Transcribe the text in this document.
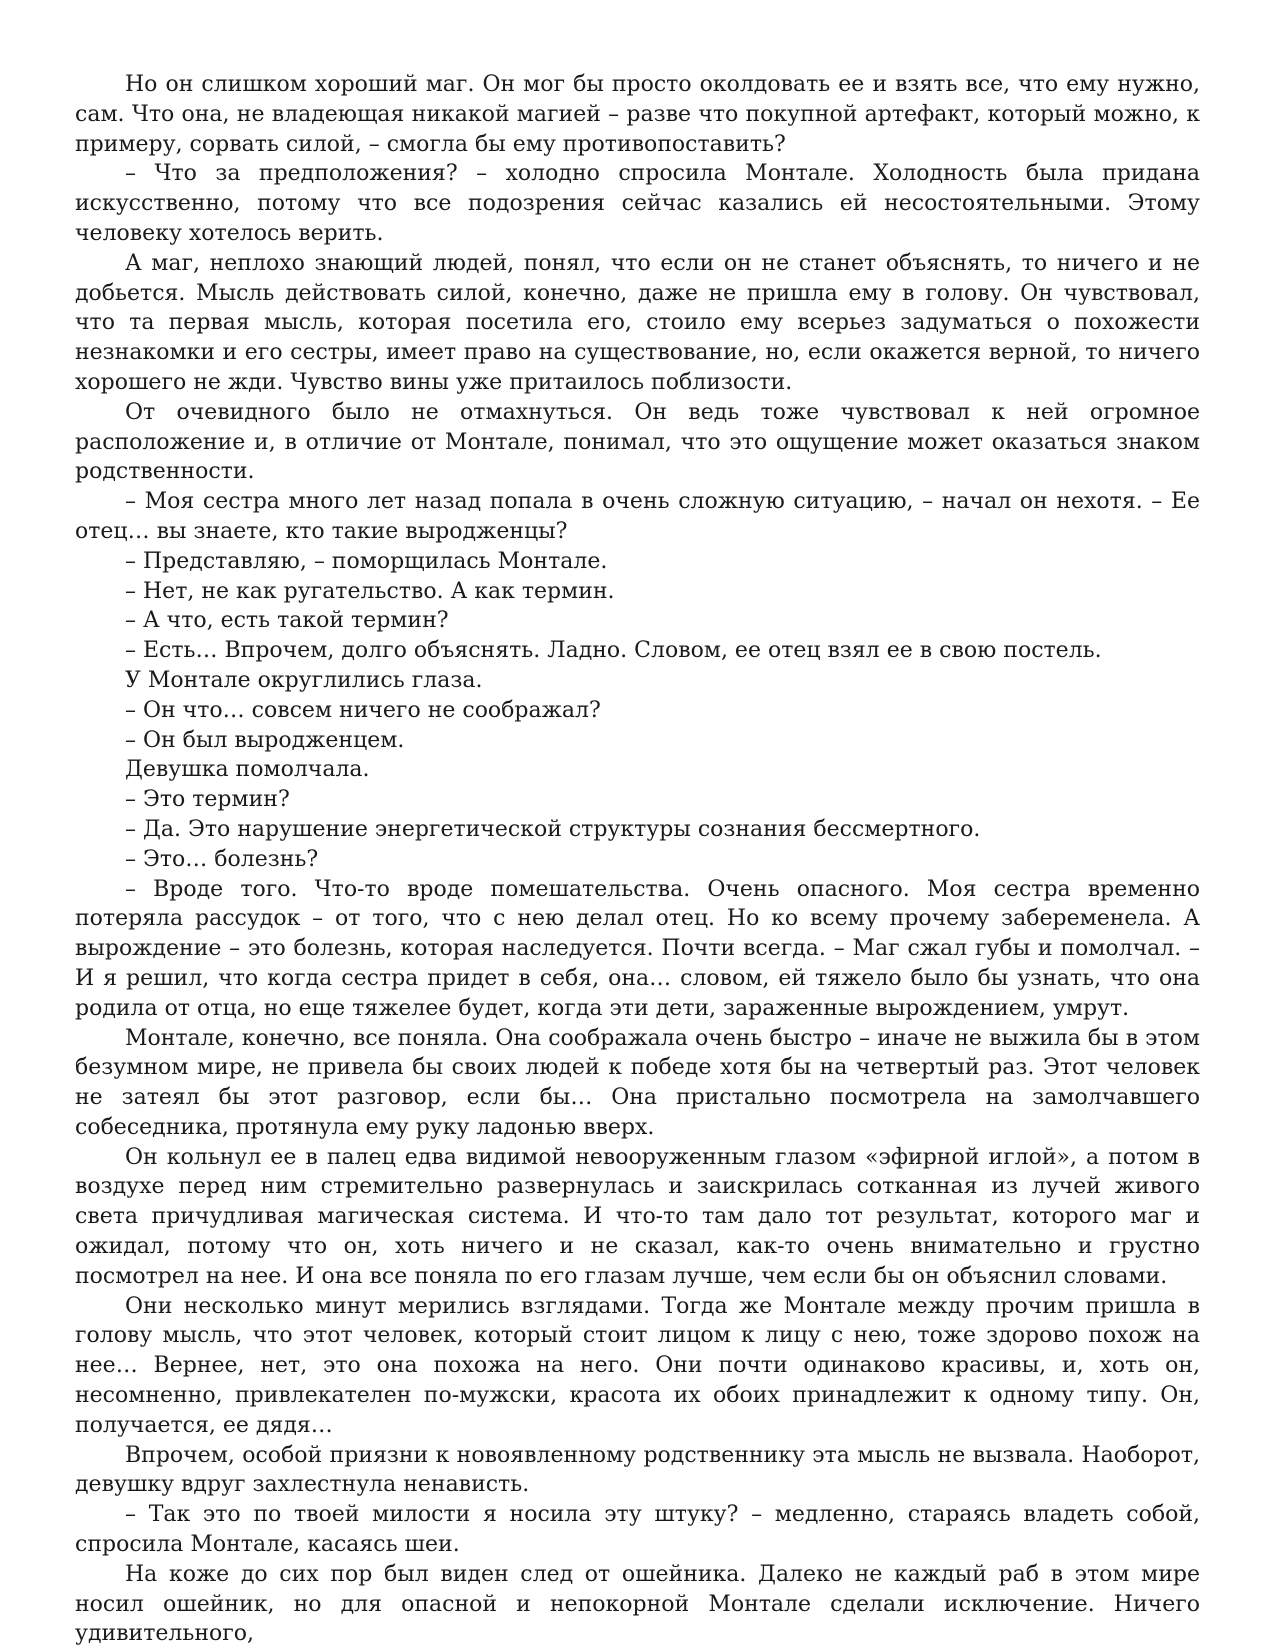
Но он слишком хороший маг. Он мог бы просто околдовать ее и взять все, что ему нужно, сам. Что она, не владеющая никакой магией – разве что покупной артефакт, который можно, к примеру, сорвать силой, – смогла бы ему противопоставить?

– Что за предположения? – холодно спросила Монтале. Холодность была придана искусственно, потому что все подозрения сейчас казались ей несостоятельными. Этому человеку хотелось верить.

А маг, неплохо знающий людей, понял, что если он не станет объяснять, то ничего и не добьется. Мысль действовать силой, конечно, даже не пришла ему в голову. Он чувствовал, что та первая мысль, которая посетила его, стоило ему всерьез задуматься о похожести незнакомки и его сестры, имеет право на существование, но, если окажется верной, то ничего хорошего не жди. Чувство вины уже притаилось поблизости.

От очевидного было не отмахнуться. Он ведь тоже чувствовал к ней огромное расположение и, в отличие от Монтале, понимал, что это ощущение может оказаться знаком родственности.

– Моя сестра много лет назад попала в очень сложную ситуацию, – начал он нехотя. – Ее отец… вы знаете, кто такие выродженцы?

– Представляю, – поморщилась Монтале.

– Нет, не как ругательство. А как термин.

– А что, есть такой термин?

– Есть… Впрочем, долго объяснять. Ладно. Словом, ее отец взял ее в свою постель.

У Монтале округлились глаза.

– Он что… совсем ничего не соображал?

– Он был выродженцем.

Девушка помолчала.

– Это термин?

– Да. Это нарушение энергетической структуры сознания бессмертного.

– Это… болезнь?

– Вроде того. Что-то вроде помешательства. Очень опасного. Моя сестра временно потеряла рассудок – от того, что с нею делал отец. Но ко всему прочему забеременела. А вырождение – это болезнь, которая наследуется. Почти всегда. – Маг сжал губы и помолчал. – И я решил, что когда сестра придет в себя, она… словом, ей тяжело было бы узнать, что она родила от отца, но еще тяжелее будет, когда эти дети, зараженные вырождением, умрут.

Монтале, конечно, все поняла. Она соображала очень быстро – иначе не выжила бы в этом безумном мире, не привела бы своих людей к победе хотя бы на четвертый раз. Этот человек не затеял бы этот разговор, если бы… Она пристально посмотрела на замолчавшего собеседника, протянула ему руку ладонью вверх.

Он кольнул ее в палец едва видимой невооруженным глазом «эфирной иглой», а потом в воздухе перед ним стремительно развернулась и заискрилась сотканная из лучей живого света причудливая магическая система. И что-то там дало тот результат, которого маг и ожидал, потому что он, хоть ничего и не сказал, как-то очень внимательно и грустно посмотрел на нее. И она все поняла по его глазам лучше, чем если бы он объяснил словами.

Они несколько минут мерились взглядами. Тогда же Монтале между прочим пришла в голову мысль, что этот человек, который стоит лицом к лицу с нею, тоже здорово похож на нее… Вернее, нет, это она похожа на него. Они почти одинаково красивы, и, хоть он, несомненно, привлекателен по-мужски, красота их обоих принадлежит к одному типу. Он, получается, ее дядя…

Впрочем, особой приязни к новоявленному родственнику эта мысль не вызвала. Наоборот, девушку вдруг захлестнула ненависть.

– Так это по твоей милости я носила эту штуку? – медленно, стараясь владеть собой, спросила Монтале, касаясь шеи.

На коже до сих пор был виден след от ошейника. Далеко не каждый раб в этом мире носил ошейник, но для опасной и непокорной Монтале сделали исключение. Ничего удивительного,
